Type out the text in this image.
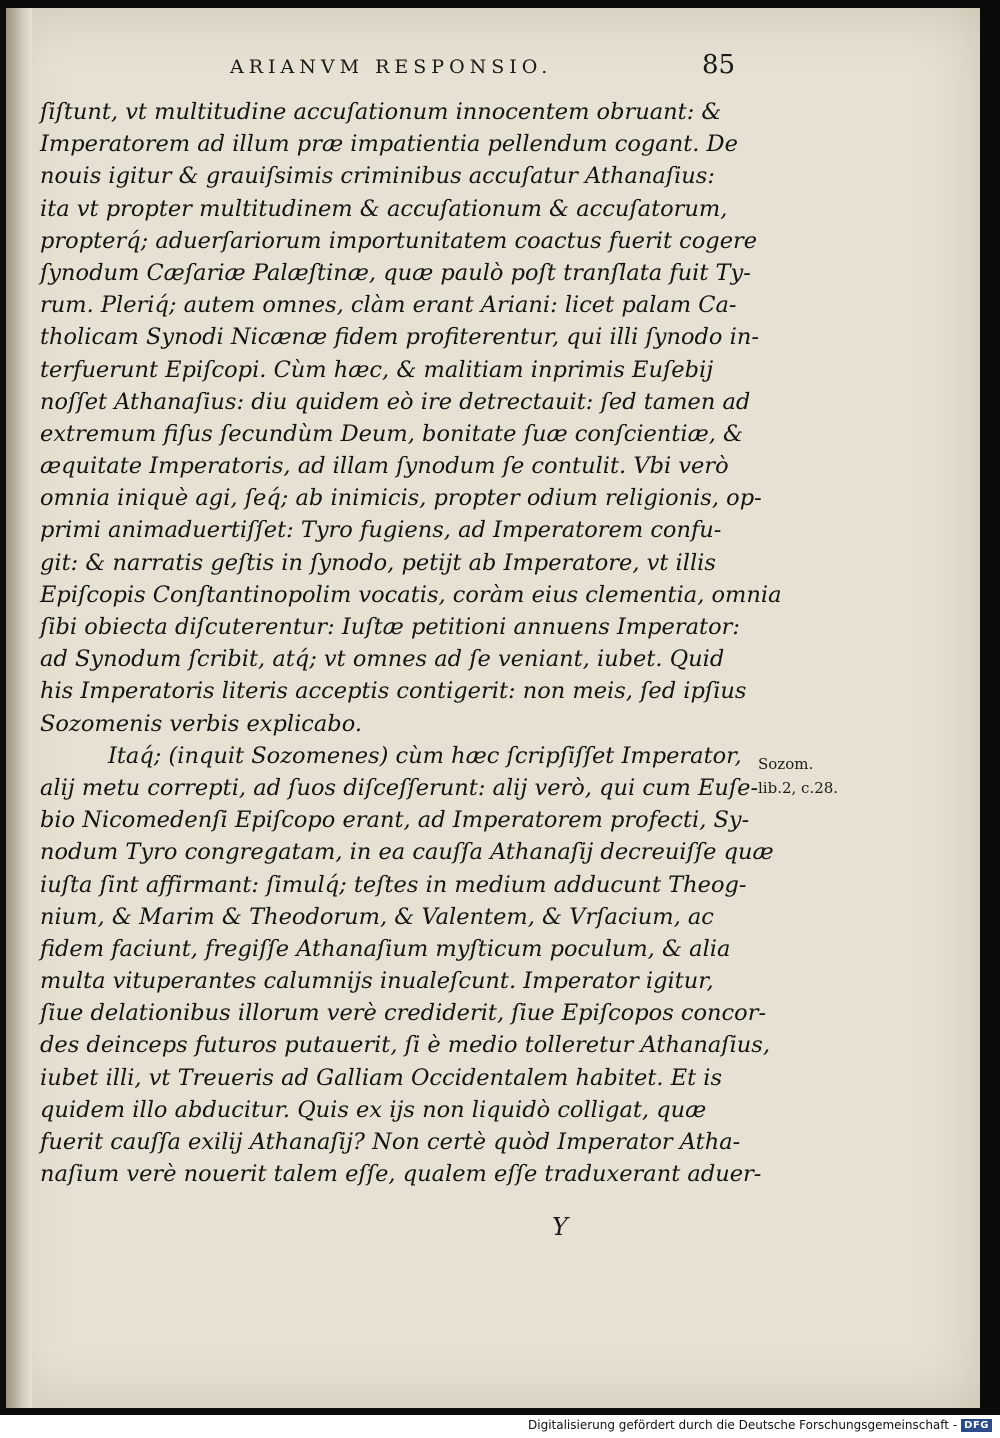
ARIANVM RESPONSIO.	85
ſiſtunt, vt multitudine accuſationum innocentem obruant: &
Imperatorem ad illum præ impatientia pellendum cogant. De
nouis igitur & grauiſsimis criminibus accuſatur Athanaſius:
ita vt propter multitudinem & accuſationum & accuſatorum,
propterq́; aduerſariorum importunitatem coactus fuerit cogere
ſynodum Cæſariæ Palæſtinæ, quæ paulò poſt tranſlata fuit Ty-
rum. Pleriq́; autem omnes, clàm erant Ariani: licet palam Ca-
tholicam Synodi Nicænæ fidem profiterentur, qui illi ſynodo in-
terfuerunt Epiſcopi. Cùm hæc, & malitiam inprimis Euſebij
noſſet Athanaſius: diu quidem eò ire detrectauit: ſed tamen ad
extremum fiſus ſecundùm Deum, bonitate ſuæ conſcientiæ, &
æquitate Imperatoris, ad illam ſynodum ſe contulit. Vbi verò
omnia iniquè agi, ſeq́; ab inimicis, propter odium religionis, op-
primi animaduertiſſet: Tyro fugiens, ad Imperatorem confu-
git: & narratis geſtis in ſynodo, petijt ab Imperatore, vt illis
Epiſcopis Conſtantinopolim vocatis, coràm eius clementia, omnia
ſibi obiecta diſcuterentur: Iuſtæ petitioni annuens Imperator:
ad Synodum ſcribit, atq́; vt omnes ad ſe veniant, iubet. Quid
his Imperatoris literis acceptis contigerit: non meis, ſed ipſius
Sozomenis verbis explicabo.
Itaq́; (inquit Sozomenes) cùm hæc ſcripſiſſet Imperator,
alij metu correpti, ad ſuos diſceſſerunt: alij verò, qui cum Euſe-
bio Nicomedenſi Epiſcopo erant, ad Imperatorem profecti, Sy-
nodum Tyro congregatam, in ea cauſſa Athanaſij decreuiſſe quæ
iuſta ſint affirmant: ſimulq́; teſtes in medium adducunt Theog-
nium, & Marim & Theodorum, & Valentem, & Vrſacium, ac
fidem faciunt, fregiſſe Athanaſium myſticum poculum, & alia
multa vituperantes calumnijs inualeſcunt. Imperator igitur,
ſiue delationibus illorum verè crediderit, ſiue Epiſcopos concor-
des deinceps futuros putauerit, ſi è medio tolleretur Athanaſius,
iubet illi, vt Treueris ad Galliam Occidentalem habitet. Et is
quidem illo abducitur. Quis ex ijs non liquidò colligat, quæ
fuerit cauſſa exilij Athanaſij? Non certè quòd Imperator Atha-
naſium verè nouerit talem eſſe, qualem eſſe traduxerant aduer-
Sozom.
lib.2, c.28.
Y
Digitalisierung gefördert durch die Deutsche Forschungsgemeinschaft - DFG
